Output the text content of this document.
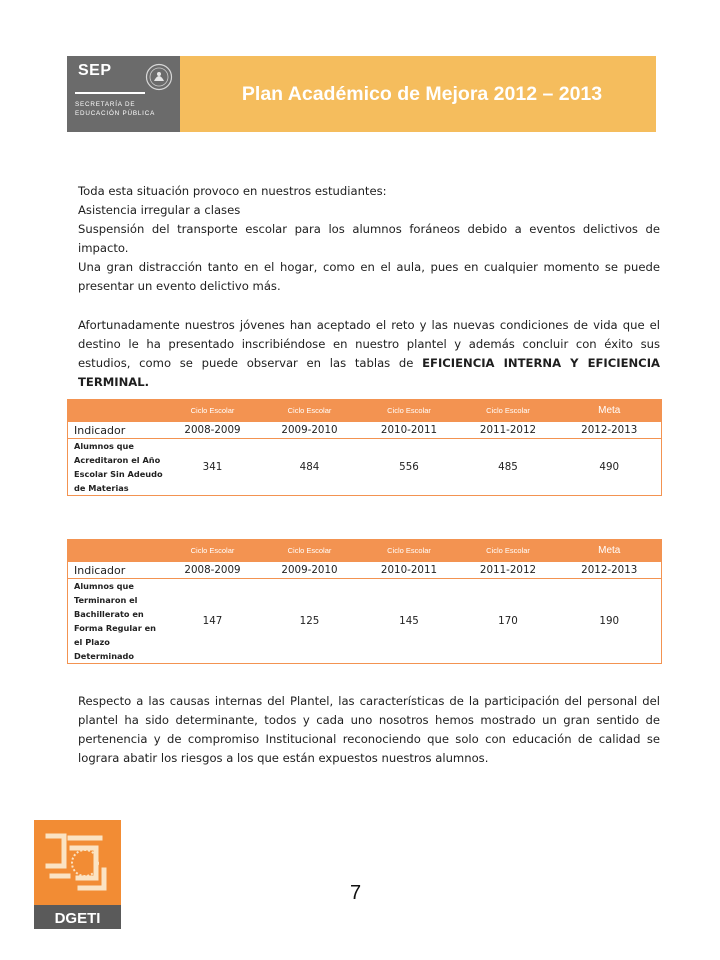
SEP
SECRETARÍA DE
EDUCACIÓN PÚBLICA
Plan Académico de Mejora 2012 – 2013

Toda esta situación provoco en nuestros estudiantes:

Asistencia irregular a clases

Suspensión del transporte escolar para los alumnos foráneos debido a eventos delictivos de impacto.

Una gran distracción tanto en el hogar, como en el aula, pues en cualquier momento se puede presentar un evento delictivo más.

Afortunadamente nuestros jóvenes han aceptado el reto y las nuevas condiciones de vida que el destino le ha presentado inscribiéndose en nuestro plantel y además concluir con éxito sus estudios, como se puede observar en las tablas de EFICIENCIA INTERNA Y EFICIENCIA TERMINAL.

	Ciclo Escolar	Ciclo Escolar	Ciclo Escolar	Ciclo Escolar	Meta
Indicador	2008-2009	2009-2010	2010-2011	2011-2012	2012-2013
Alumnos que Acreditaron el Año Escolar Sin Adeudo de Materias	341	484	556	485	490
	Ciclo Escolar	Ciclo Escolar	Ciclo Escolar	Ciclo Escolar	Meta
Indicador	2008-2009	2009-2010	2010-2011	2011-2012	2012-2013
Alumnos que Terminaron el Bachillerato en Forma Regular en el Plazo Determinado	147	125	145	170	190

Respecto a las causas internas del Plantel, las características de la participación del personal del plantel ha sido determinante, todos y cada uno nosotros hemos mostrado un gran sentido de pertenencia y de compromiso Institucional reconociendo que solo con educación de calidad se lograra abatir los riesgos a los que están expuestos nuestros alumnos.

DGETI
7
